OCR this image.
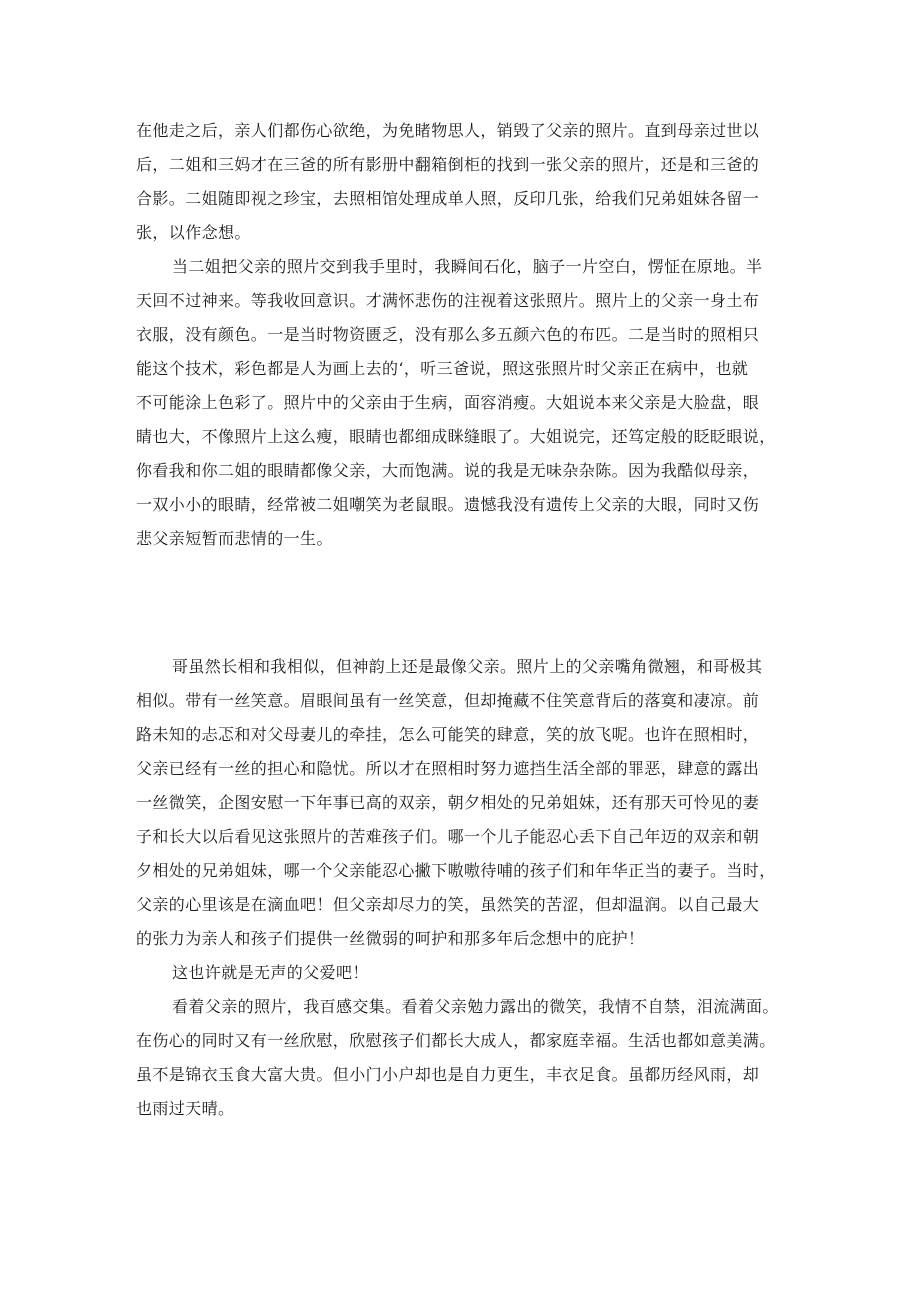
在他走之后，亲人们都伤心欲绝，为免睹物思人，销毁了父亲的照片。直到母亲过世以
后，二姐和三妈才在三爸的所有影册中翻箱倒柜的找到一张父亲的照片，还是和三爸的
合影。二姐随即视之珍宝，去照相馆处理成单人照，反印几张，给我们兄弟姐妹各留一
张，以作念想。
当二姐把父亲的照片交到我手里时，我瞬间石化，脑子一片空白，愣怔在原地。半
天回不过神来。等我收回意识。才满怀悲伤的注视着这张照片。照片上的父亲一身土布
衣服，没有颜色。一是当时物资匮乏，没有那么多五颜六色的布匹。二是当时的照相只
能这个技术，彩色都是人为画上去的‘，听三爸说，照这张照片时父亲正在病中，也就
不可能涂上色彩了。照片中的父亲由于生病，面容消瘦。大姐说本来父亲是大脸盘，眼
睛也大，不像照片上这么瘦，眼睛也都细成眯缝眼了。大姐说完，还笃定般的眨眨眼说，
你看我和你二姐的眼睛都像父亲，大而饱满。说的我是无味杂杂陈。因为我酷似母亲，
一双小小的眼睛，经常被二姐嘲笑为老鼠眼。遗憾我没有遗传上父亲的大眼，同时又伤
悲父亲短暂而悲情的一生。
哥虽然长相和我相似，但神韵上还是最像父亲。照片上的父亲嘴角微翘，和哥极其
相似。带有一丝笑意。眉眼间虽有一丝笑意，但却掩藏不住笑意背后的落寞和凄凉。前
路未知的忐忑和对父母妻儿的牵挂，怎么可能笑的肆意，笑的放飞呢。也许在照相时，
父亲已经有一丝的担心和隐忧。所以才在照相时努力遮挡生活全部的罪恶，肆意的露出
一丝微笑，企图安慰一下年事已高的双亲，朝夕相处的兄弟姐妹，还有那天可怜见的妻
子和长大以后看见这张照片的苦难孩子们。哪一个儿子能忍心丢下自己年迈的双亲和朝
夕相处的兄弟姐妹，哪一个父亲能忍心撇下嗷嗷待哺的孩子们和年华正当的妻子。当时，
父亲的心里该是在滴血吧！但父亲却尽力的笑，虽然笑的苦涩，但却温润。以自己最大
的张力为亲人和孩子们提供一丝微弱的呵护和那多年后念想中的庇护！
这也许就是无声的父爱吧！
看着父亲的照片，我百感交集。看着父亲勉力露出的微笑，我情不自禁，泪流满面。
在伤心的同时又有一丝欣慰，欣慰孩子们都长大成人，都家庭幸福。生活也都如意美满。
虽不是锦衣玉食大富大贵。但小门小户却也是自力更生，丰衣足食。虽都历经风雨，却
也雨过天晴。
